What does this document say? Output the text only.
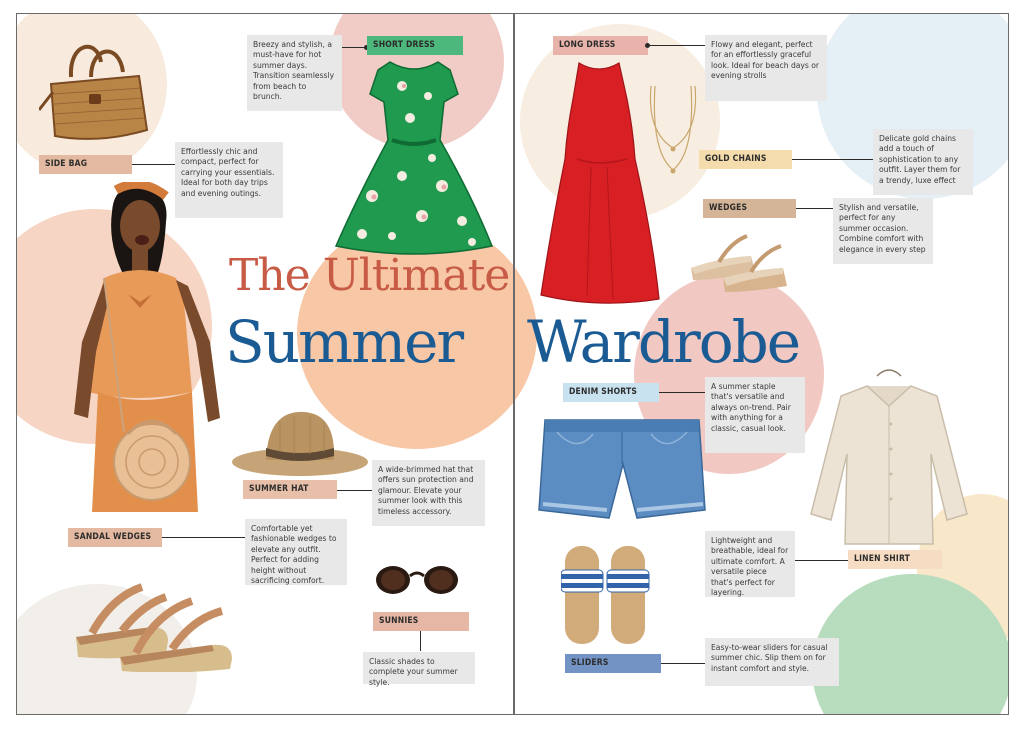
SIDE BAG
Effortlessly chic and compact, perfect for carrying your essentials. Ideal for both day trips and evening outings.
Breezy and stylish, a must-have for hot summer days. Transition seamlessly from beach to brunch.
SHORT DRESS
The Ultimate
Summer Wardrobe
SUMMER HAT
A wide-brimmed hat that offers sun protection and glamour. Elevate your summer look with this timeless accessory.
SANDAL WEDGES
Comfortable yet fashionable wedges to elevate any outfit. Perfect for adding height without sacrificing comfort.
SUNNIES
Classic shades to complete your summer style.
LONG DRESS	Flowy and elegant, perfect for an effortlessly graceful look. Ideal for beach days or evening strolls
GOLD CHAINS
Delicate gold chains add a touch of sophistication to any outfit. Layer them for a trendy, luxe effect
WEDGES	Stylish and versatile, perfect for any summer occasion. Combine comfort with elegance in every step
DENIM SHORTS
A summer staple that's versatile and always on-trend. Pair with anything for a classic, casual look.
Lightweight and breathable, ideal for ultimate comfort. A versatile piece that's perfect for layering.
LINEN SHIRT
SLIDERS
Easy-to-wear sliders for casual summer chic. Slip them on for instant comfort and style.
